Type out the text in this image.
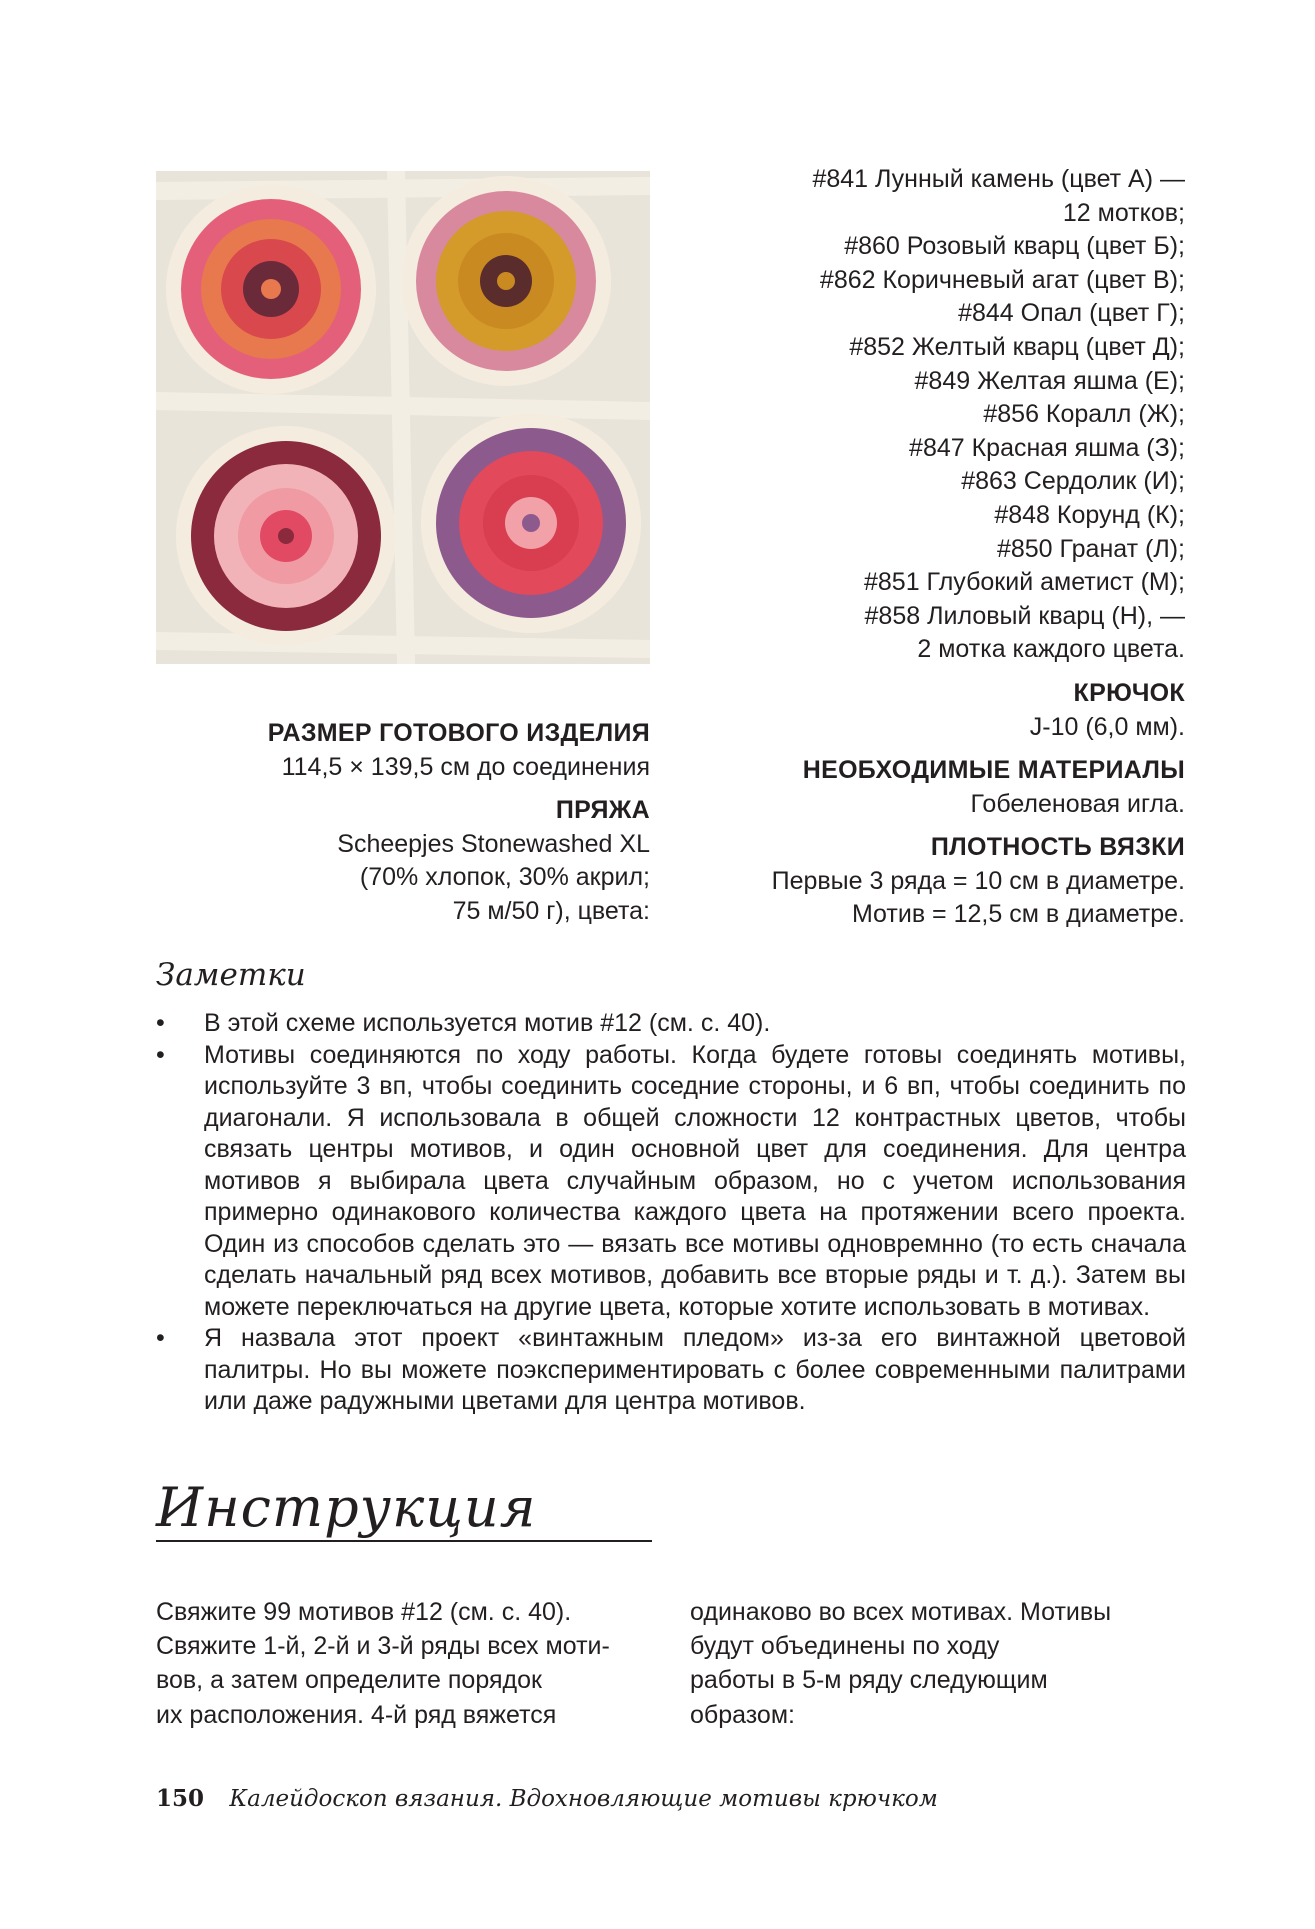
#841 Лунный камень (цвет А) —
12 мотков;
#860 Розовый кварц (цвет Б);
#862 Коричневый агат (цвет В);
#844 Опал (цвет Г);
#852 Желтый кварц (цвет Д);
#849 Желтая яшма (Е);
#856 Коралл (Ж);
#847 Красная яшма (З);
#863 Сердолик (И);
#848 Корунд (К);
#850 Гранат (Л);
#851 Глубокий аметист (М);
#858 Лиловый кварц (Н), —
2 мотка каждого цвета.
КРЮЧОК
J-10 (6,0 мм).
НЕОБХОДИМЫЕ МАТЕРИАЛЫ
Гобеленовая игла.
ПЛОТНОСТЬ ВЯЗКИ
Первые 3 ряда = 10 см в диаметре.
Мотив = 12,5 см в диаметре.
РАЗМЕР ГОТОВОГО ИЗДЕЛИЯ
114,5 × 139,5 см до соединения
ПРЯЖА
Scheepjes Stonewashed XL
(70% хлопок, 30% акрил;
75 м/50 г), цвета:
Заметки
• В этой схеме используется мотив #12 (см. с. 40).
• Мотивы соединяются по ходу работы. Когда будете готовы соединять мотивы, используйте 3 вп, чтобы соединить соседние стороны, и 6 вп, чтобы соединить по диагонали. Я использовала в общей сложности 12 контрастных цветов, чтобы связать центры мотивов, и один основной цвет для соединения. Для центра мотивов я выбирала цвета случайным образом, но с учетом использования примерно одинакового количества каждого цвета на протяжении всего проекта. Один из способов сделать это — вязать все мотивы одновремнно (то есть сначала сделать начальный ряд всех мотивов, добавить все вторые ряды и т. д.). Затем вы можете переключаться на другие цвета, которые хотите использовать в мотивах.
• Я назвала этот проект «винтажным пледом» из-за его винтажной цветовой палитры. Но вы можете поэкспериментировать с более современными палитрами или даже радужными цветами для центра мотивов.
Инструкция
Свяжите 99 мотивов #12 (см. с. 40).
Свяжите 1-й, 2-й и 3-й ряды всех моти-
вов, а затем определите порядок
их расположения. 4-й ряд вяжется
одинаково во всех мотивах. Мотивы
будут объединены по ходу
работы в 5-м ряду следующим
образом:
150 Калейдоскоп вязания. Вдохновляющие мотивы крючком
